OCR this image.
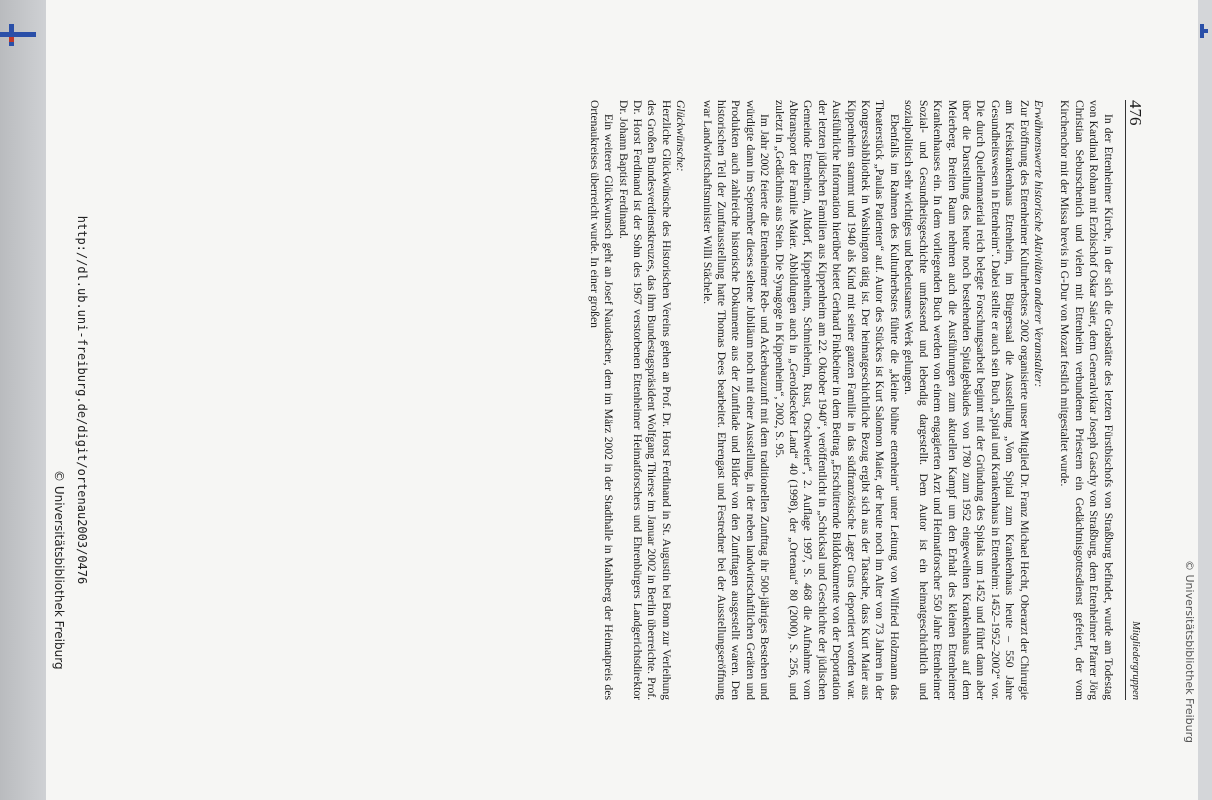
http://dl.ub.uni-freiburg.de/digit/ortenau2003/0476
© Universitätsbibliothek Freiburg	© Universitätsbibliothek Freiburg
476
Mitgliedergruppen

In der Ettenheimer Kirche, in der sich die Grabstätte des letzten Fürstbischofs von Straßburg befindet, wurde am Todestag von Kardinal Rohan mit Erzbischof Oskar Saier, dem Generalvikar Joseph Gaschy von Straßburg, dem Ettenheimer Pfarrer Jörg Christian Seburschenich und vielen mit Ettenheim verbundenen Priestern ein Gedächtnisgottesdienst gefeiert, der vom Kirchenchor mit der Missa brevis in G-Dur von Mozart festlich mitgestaltet wurde.

Erwähnenswerte historische Aktivitäten anderer Veranstalter:

Zur Eröffnung des Ettenheimer Kulturherbstes 2002 organisierte unser Mitglied Dr. Franz Michael Hecht, Oberarzt der Chirurgie am Kreiskrankenhaus Ettenheim, im Bürgersaal die Ausstellung „Vom Spital zum Krankenhaus heute – 550 Jahre Gesundheitswesen in Ettenheim“. Dabei stellte er auch sein Buch „Spital und Krankenhaus in Ettenheim: 1452–1952–2002“ vor. Die durch Quellenmaterial reich belegte Forschungsarbeit beginnt mit der Gründung des Spitals um 1452 und führt dann aber über die Darstellung des heute noch bestehenden Spitalgebäudes von 1780 zum 1952 eingeweihten Krankenhaus auf dem Meierberg. Breiten Raum nehmen auch die Ausführungen zum aktuellen Kampf um den Erhalt des kleinen Ettenheimer Krankenhauses ein. In dem vorliegenden Buch werden von einem engagierten Arzt und Heimatforscher 550 Jahre Ettenheimer Sozial- und Gesundheitsgeschichte umfassend und lebendig dargestellt. Dem Autor ist ein heimatgeschichtlich und sozialpolitisch sehr wichtiges und bedeutsames Werk gelungen.

Ebenfalls im Rahmen des Kulturherbstes führte die „kleine bühne ettenheim“ unter Leitung von Wilfried Holzmann das Theaterstück „Paulas Patienten“ auf. Autor des Stückes ist Kurt Salomon Maier, der heute noch im Alter von 73 Jahren in der Kongressbibliothek in Washington tätig ist. Der heimatgeschichtliche Bezug ergibt sich aus der Tatsache, dass Kurt Maier aus Kippenheim stammt und 1940 als Kind mit seiner ganzen Familie in das südfranzösische Lager Gurs deportiert worden war. Ausführliche Information hierüber bietet Gerhard Finkbeiner in dem Beitrag „Erschütternde Bilddokumente von der Deportation der letzten jüdischen Familien aus Kippenheim am 22. Oktober 1940“, veröffentlicht in „Schicksal und Geschichte der jüdischen Gemeinde Ettenheim, Altdorf, Kippenheim, Schmieheim, Rust, Orschweier“, 2. Auflage 1997, S. 468 die Aufnahme vom Abtransport der Familie Maier. Abbildungen auch in „Geroldsecker Land“ 40 (1998), der „Ortenau“ 80 (2000), S. 256, und zuletzt in „Gedächtnis aus Stein. Die Synagoge in Kippenheim“, 2002, S. 95.

Im Jahr 2002 feierte die Ettenheimer Reb- und Ackerbauzunft mit dem traditionellen Zunfttag ihr 500-jähriges Bestehen und würdigte dann im September dieses seltene Jubiläum noch mit einer Ausstellung, in der neben landwirtschaftlichen Geräten und Produkten auch zahlreiche historische Dokumente aus der Zunftlade und Bilder von den Zunfttagen ausgestellt waren. Den historischen Teil der Zunftausstellung hatte Thomas Dees bearbeitet. Ehrengast und Festredner bei der Ausstellungseröffnung war Landwirtschaftsminister Willi Stächele.

Glückwünsche:

Herzliche Glückwünsche des Historischen Vereins gehen an Prof. Dr. Horst Ferdinand in St. Augustin bei Bonn zur Verleihung des Großen Bundesverdienstkreuzes, das ihm Bundestagspräsident Wolfgang Thierse im Januar 2002 in Berlin überreichte. Prof. Dr. Horst Ferdinand ist der Sohn des 1967 verstorbenen Ettenheimer Heimatforschers und Ehrenbürgers Landgerichtsdirektor Dr. Johann Baptist Ferdinand.

Ein weiterer Glückwunsch geht an Josef Naudascher, dem im März 2002 in der Stadthalle in Mahlberg der Heimatpreis des Ortenaukreises überreicht wurde. In einer großen
